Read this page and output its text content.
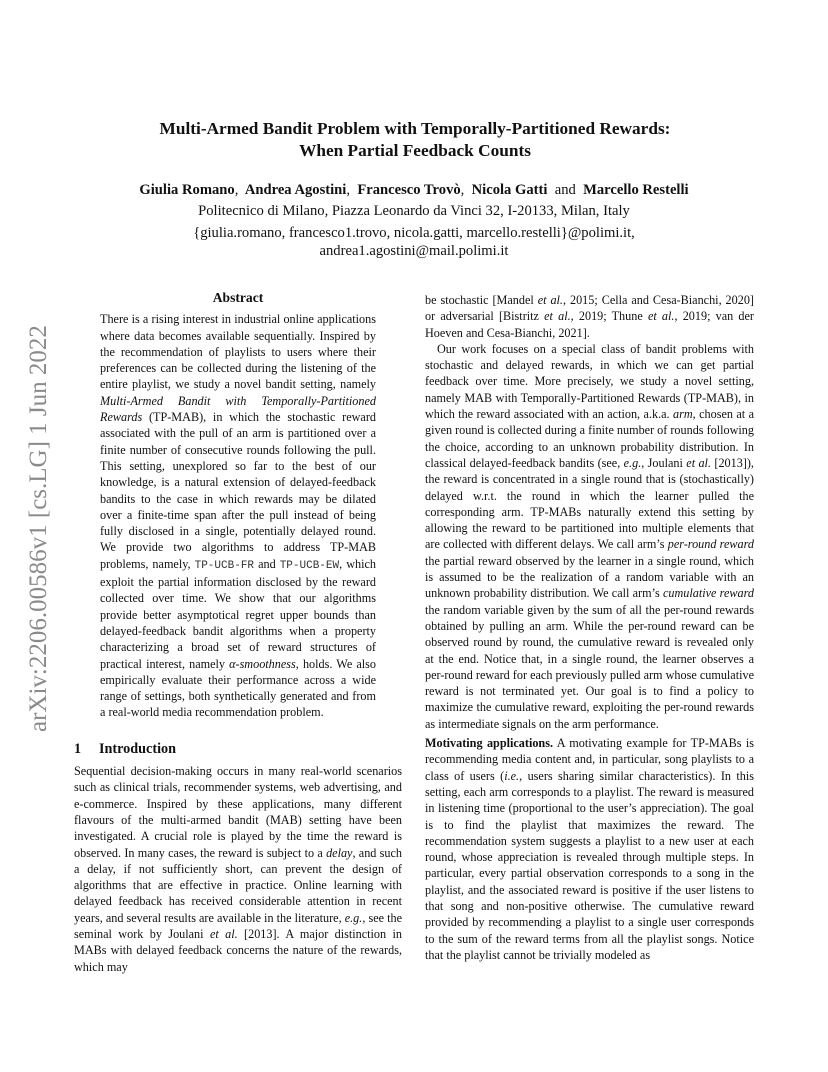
arXiv:2206.00586v1 [cs.LG] 1 Jun 2022
Multi-Armed Bandit Problem with Temporally-Partitioned Rewards:
When Partial Feedback Counts
Giulia Romano, Andrea Agostini, Francesco Trovò, Nicola Gatti and Marcello Restelli
Politecnico di Milano, Piazza Leonardo da Vinci 32, I-20133, Milan, Italy
{giulia.romano, francesco1.trovo, nicola.gatti, marcello.restelli}@polimi.it,
andrea1.agostini@mail.polimi.it
Abstract

There is a rising interest in industrial online applications where data becomes available sequentially. Inspired by the recommendation of playlists to users where their preferences can be collected during the listening of the entire playlist, we study a novel bandit setting, namely Multi-Armed Bandit with Temporally-Partitioned Rewards (TP-MAB), in which the stochastic reward associated with the pull of an arm is partitioned over a finite number of consecutive rounds following the pull. This setting, unexplored so far to the best of our knowledge, is a natural extension of delayed-feedback bandits to the case in which rewards may be dilated over a finite-time span after the pull instead of being fully disclosed in a single, potentially delayed round. We provide two algorithms to address TP-MAB problems, namely, TP-UCB-FR and TP-UCB-EW, which exploit the partial information disclosed by the reward collected over time. We show that our algorithms provide better asymptotical regret upper bounds than delayed-feedback bandit algorithms when a property characterizing a broad set of reward structures of practical interest, namely α-smoothness, holds. We also empirically evaluate their performance across a wide range of settings, both synthetically generated and from a real-world media recommendation problem.

1 Introduction

Sequential decision-making occurs in many real-world scenarios such as clinical trials, recommender systems, web advertising, and e-commerce. Inspired by these applications, many different flavours of the multi-armed bandit (MAB) setting have been investigated. A crucial role is played by the time the reward is observed. In many cases, the reward is subject to a delay, and such a delay, if not sufficiently short, can prevent the design of algorithms that are effective in practice. Online learning with delayed feedback has received considerable attention in recent years, and several results are available in the literature, e.g., see the seminal work by Joulani et al. [2013]. A major distinction in MABs with delayed feedback concerns the nature of the rewards, which may

be stochastic [Mandel et al., 2015; Cella and Cesa-Bianchi, 2020] or adversarial [Bistritz et al., 2019; Thune et al., 2019; van der Hoeven and Cesa-Bianchi, 2021].

Our work focuses on a special class of bandit problems with stochastic and delayed rewards, in which we can get partial feedback over time. More precisely, we study a novel setting, namely MAB with Temporally-Partitioned Rewards (TP-MAB), in which the reward associated with an action, a.k.a. arm, chosen at a given round is collected during a finite number of rounds following the choice, according to an unknown probability distribution. In classical delayed-feedback bandits (see, e.g., Joulani et al. [2013]), the reward is concentrated in a single round that is (stochastically) delayed w.r.t. the round in which the learner pulled the corresponding arm. TP-MABs naturally extend this setting by allowing the reward to be partitioned into multiple elements that are collected with different delays. We call arm’s per-round reward the partial reward observed by the learner in a single round, which is assumed to be the realization of a random variable with an unknown probability distribution. We call arm’s cumulative reward the random variable given by the sum of all the per-round rewards obtained by pulling an arm. While the per-round reward can be observed round by round, the cumulative reward is revealed only at the end. Notice that, in a single round, the learner observes a per-round reward for each previously pulled arm whose cumulative reward is not terminated yet. Our goal is to find a policy to maximize the cumulative reward, exploiting the per-round rewards as intermediate signals on the arm performance.

Motivating applications. A motivating example for TP-MABs is recommending media content and, in particular, song playlists to a class of users (i.e., users sharing similar characteristics). In this setting, each arm corresponds to a playlist. The reward is measured in listening time (proportional to the user’s appreciation). The goal is to find the playlist that maximizes the reward. The recommendation system suggests a playlist to a new user at each round, whose appreciation is revealed through multiple steps. In particular, every partial observation corresponds to a song in the playlist, and the associated reward is positive if the user listens to that song and non-positive otherwise. The cumulative reward provided by recommending a playlist to a single user corresponds to the sum of the reward terms from all the playlist songs. Notice that the playlist cannot be trivially modeled as
